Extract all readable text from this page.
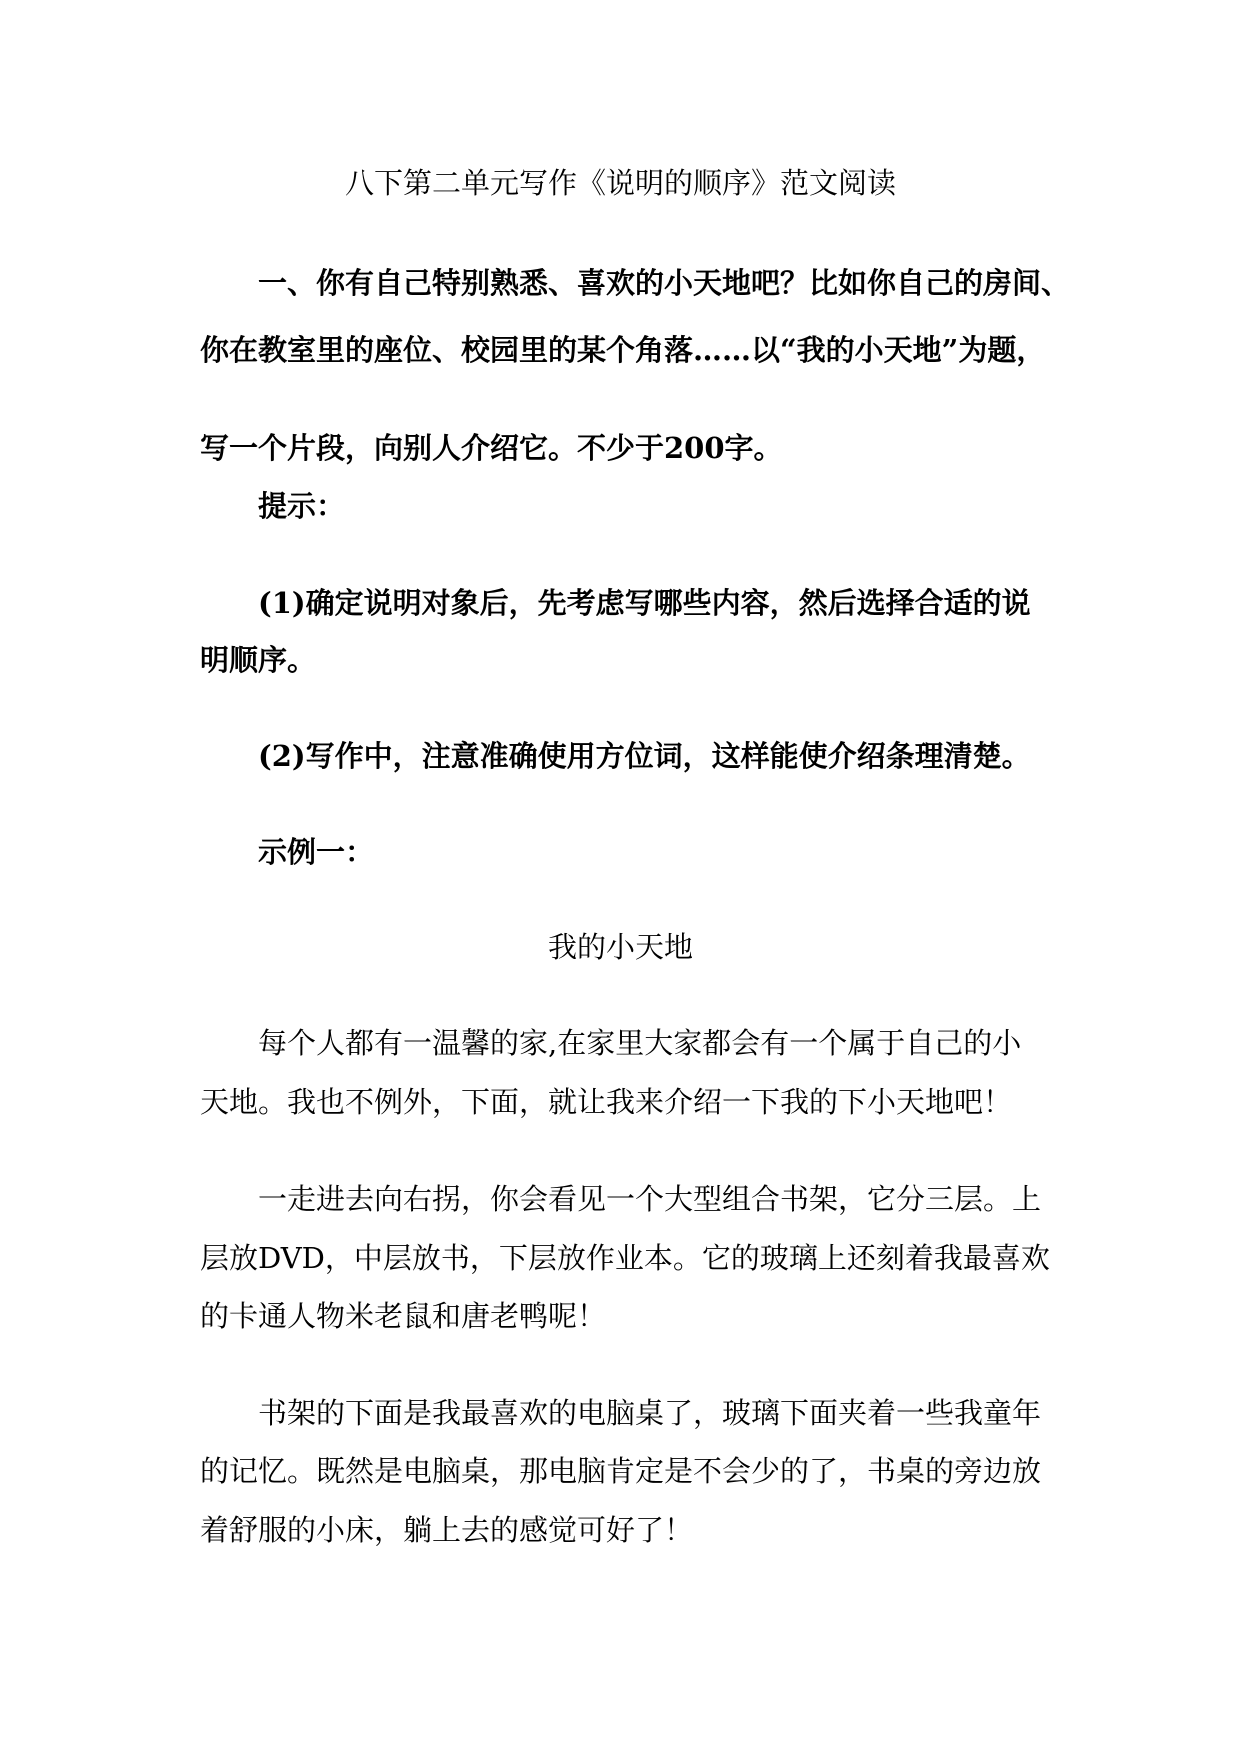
八下第二单元写作《说明的顺序》范文阅读
一、你有自己特别熟悉、喜欢的小天地吧？比如你自己的房间、
你在教室里的座位、校园里的某个角落……以“我的小天地”为题，
写一个片段，向别人介绍它。不少于200字。
提示：
(1)确定说明对象后，先考虑写哪些内容，然后选择合适的说
明顺序。
(2)写作中，注意准确使用方位词，这样能使介绍条理清楚。
示例一：
我的小天地
每个人都有一温馨的家,在家里大家都会有一个属于自己的小
天地。我也不例外，下面，就让我来介绍一下我的下小天地吧！
一走进去向右拐，你会看见一个大型组合书架，它分三层。上
层放DVD，中层放书，下层放作业本。它的玻璃上还刻着我最喜欢
的卡通人物米老鼠和唐老鸭呢！
书架的下面是我最喜欢的电脑桌了，玻璃下面夹着一些我童年
的记忆。既然是电脑桌，那电脑肯定是不会少的了，书桌的旁边放
着舒服的小床，躺上去的感觉可好了！
